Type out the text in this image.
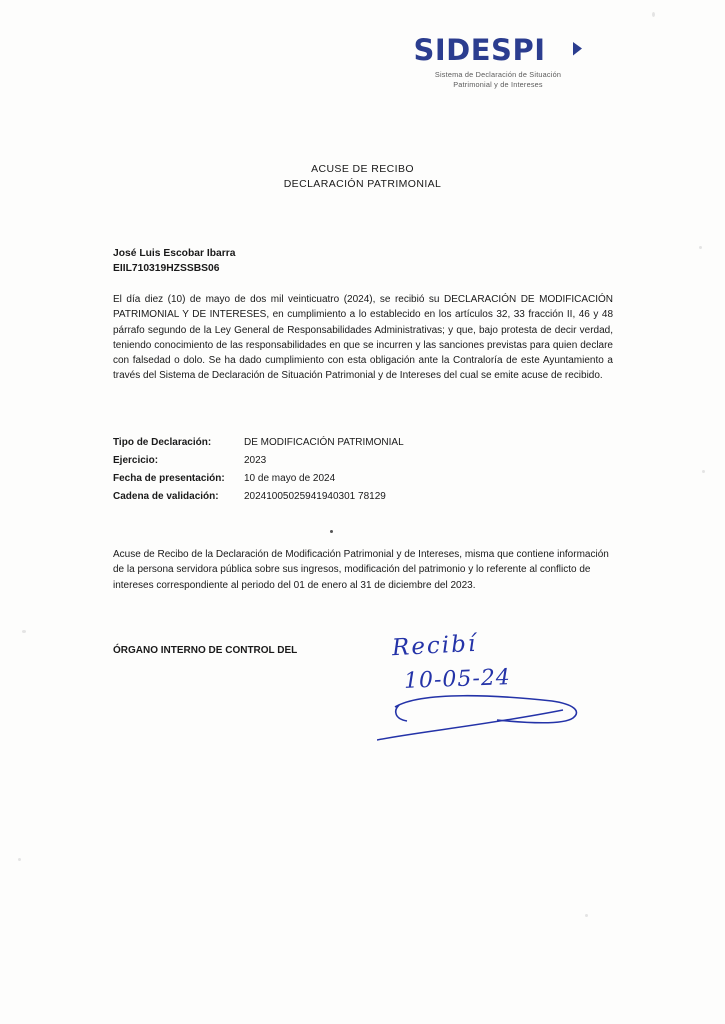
SIDESPI
Sistema de Declaración de Situación
Patrimonial y de Intereses
ACUSE DE RECIBO
DECLARACIÓN PATRIMONIAL
José Luis Escobar Ibarra
EIIL710319HZSSBS06
El día diez (10) de mayo de dos mil veinticuatro (2024), se recibió su DECLARACIÓN DE MODIFICACIÓN PATRIMONIAL Y DE INTERESES, en cumplimiento a lo establecido en los artículos 32, 33 fracción II, 46 y 48 párrafo segundo de la Ley General de Responsabilidades Administrativas; y que, bajo protesta de decir verdad, teniendo conocimiento de las responsabilidades en que se incurren y las sanciones previstas para quien declare con falsedad o dolo. Se ha dado cumplimiento con esta obligación ante la Contraloría de este Ayuntamiento a través del Sistema de Declaración de Situación Patrimonial y de Intereses del cual se emite acuse de recibido.
Tipo de Declaración:	DE MODIFICACIÓN PATRIMONIAL
Ejercicio:	2023
Fecha de presentación:	10 de mayo de 2024
Cadena de validación:	20241005025941940301 78129
Acuse de Recibo de la Declaración de Modificación Patrimonial y de Intereses, misma que contiene información de la persona servidora pública sobre sus ingresos, modificación del patrimonio y lo referente al conflicto de intereses correspondiente al periodo del 01 de enero al 31 de diciembre del 2023.
ÓRGANO INTERNO DE CONTROL DEL	Recibí
10-05-24
